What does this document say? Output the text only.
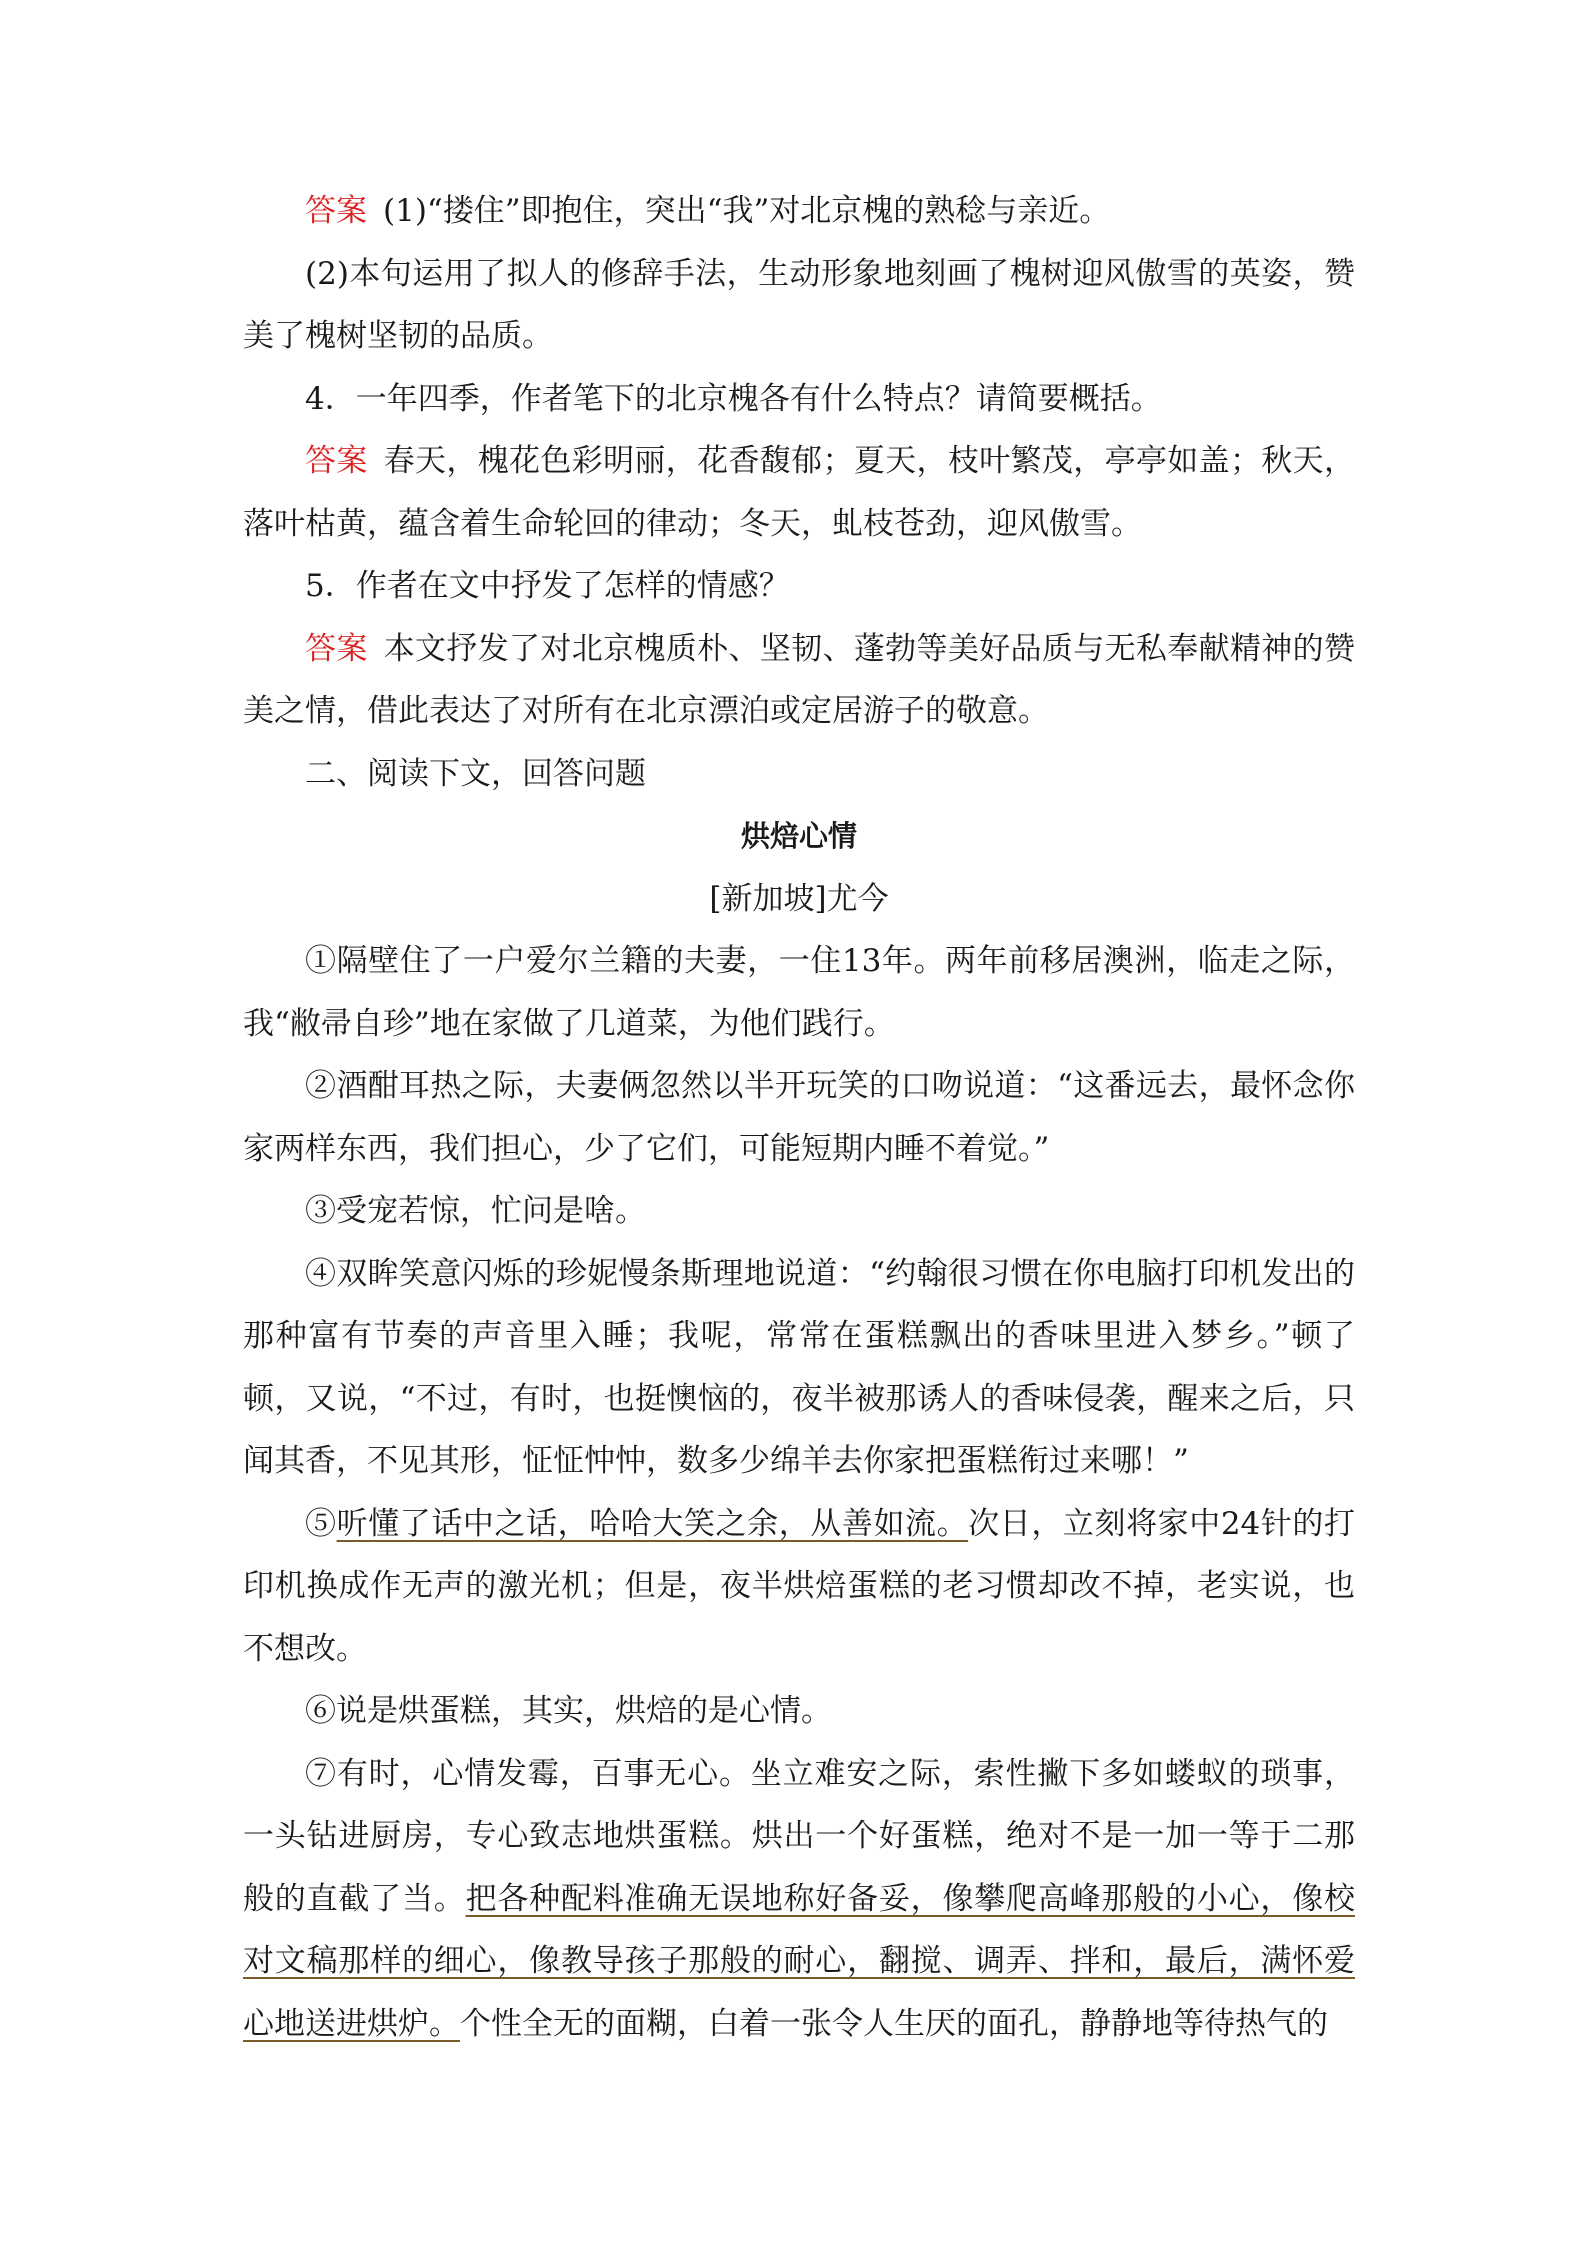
答案 (1)“搂住”即抱住，突出“我”对北京槐的熟稔与亲近。

(2)本句运用了拟人的修辞手法，生动形象地刻画了槐树迎风傲雪的英姿，赞美了槐树坚韧的品质。

4．一年四季，作者笔下的北京槐各有什么特点？请简要概括。

答案 春天，槐花色彩明丽，花香馥郁；夏天，枝叶繁茂，亭亭如盖；秋天，落叶枯黄，蕴含着生命轮回的律动；冬天，虬枝苍劲，迎风傲雪。

5．作者在文中抒发了怎样的情感？

答案 本文抒发了对北京槐质朴、坚韧、蓬勃等美好品质与无私奉献精神的赞美之情，借此表达了对所有在北京漂泊或定居游子的敬意。

二、阅读下文，回答问题

烘焙心情

[新加坡]尤今

①隔壁住了一户爱尔兰籍的夫妻，一住13年。两年前移居澳洲，临走之际，我“敝帚自珍”地在家做了几道菜，为他们践行。

②酒酣耳热之际，夫妻俩忽然以半开玩笑的口吻说道：“这番远去，最怀念你家两样东西，我们担心，少了它们，可能短期内睡不着觉。”

③受宠若惊，忙问是啥。

④双眸笑意闪烁的珍妮慢条斯理地说道：“约翰很习惯在你电脑打印机发出的那种富有节奏的声音里入睡；我呢，常常在蛋糕飘出的香味里进入梦乡。”顿了顿，又说，“不过，有时，也挺懊恼的，夜半被那诱人的香味侵袭，醒来之后，只闻其香，不见其形，怔怔忡忡，数多少绵羊去你家把蛋糕衔过来哪！”

⑤听懂了话中之话，哈哈大笑之余，从善如流。次日，立刻将家中24针的打印机换成作无声的激光机；但是，夜半烘焙蛋糕的老习惯却改不掉，老实说，也不想改。

⑥说是烘蛋糕，其实，烘焙的是心情。

⑦有时，心情发霉，百事无心。坐立难安之际，索性撇下多如蝼蚁的琐事，一头钻进厨房，专心致志地烘蛋糕。烘出一个好蛋糕，绝对不是一加一等于二那般的直截了当。把各种配料准确无误地称好备妥，像攀爬高峰那般的小心，像校对文稿那样的细心，像教导孩子那般的耐心，翻搅、调弄、拌和，最后，满怀爱心地送进烘炉。个性全无的面糊，白着一张令人生厌的面孔，静静地等待热气的
